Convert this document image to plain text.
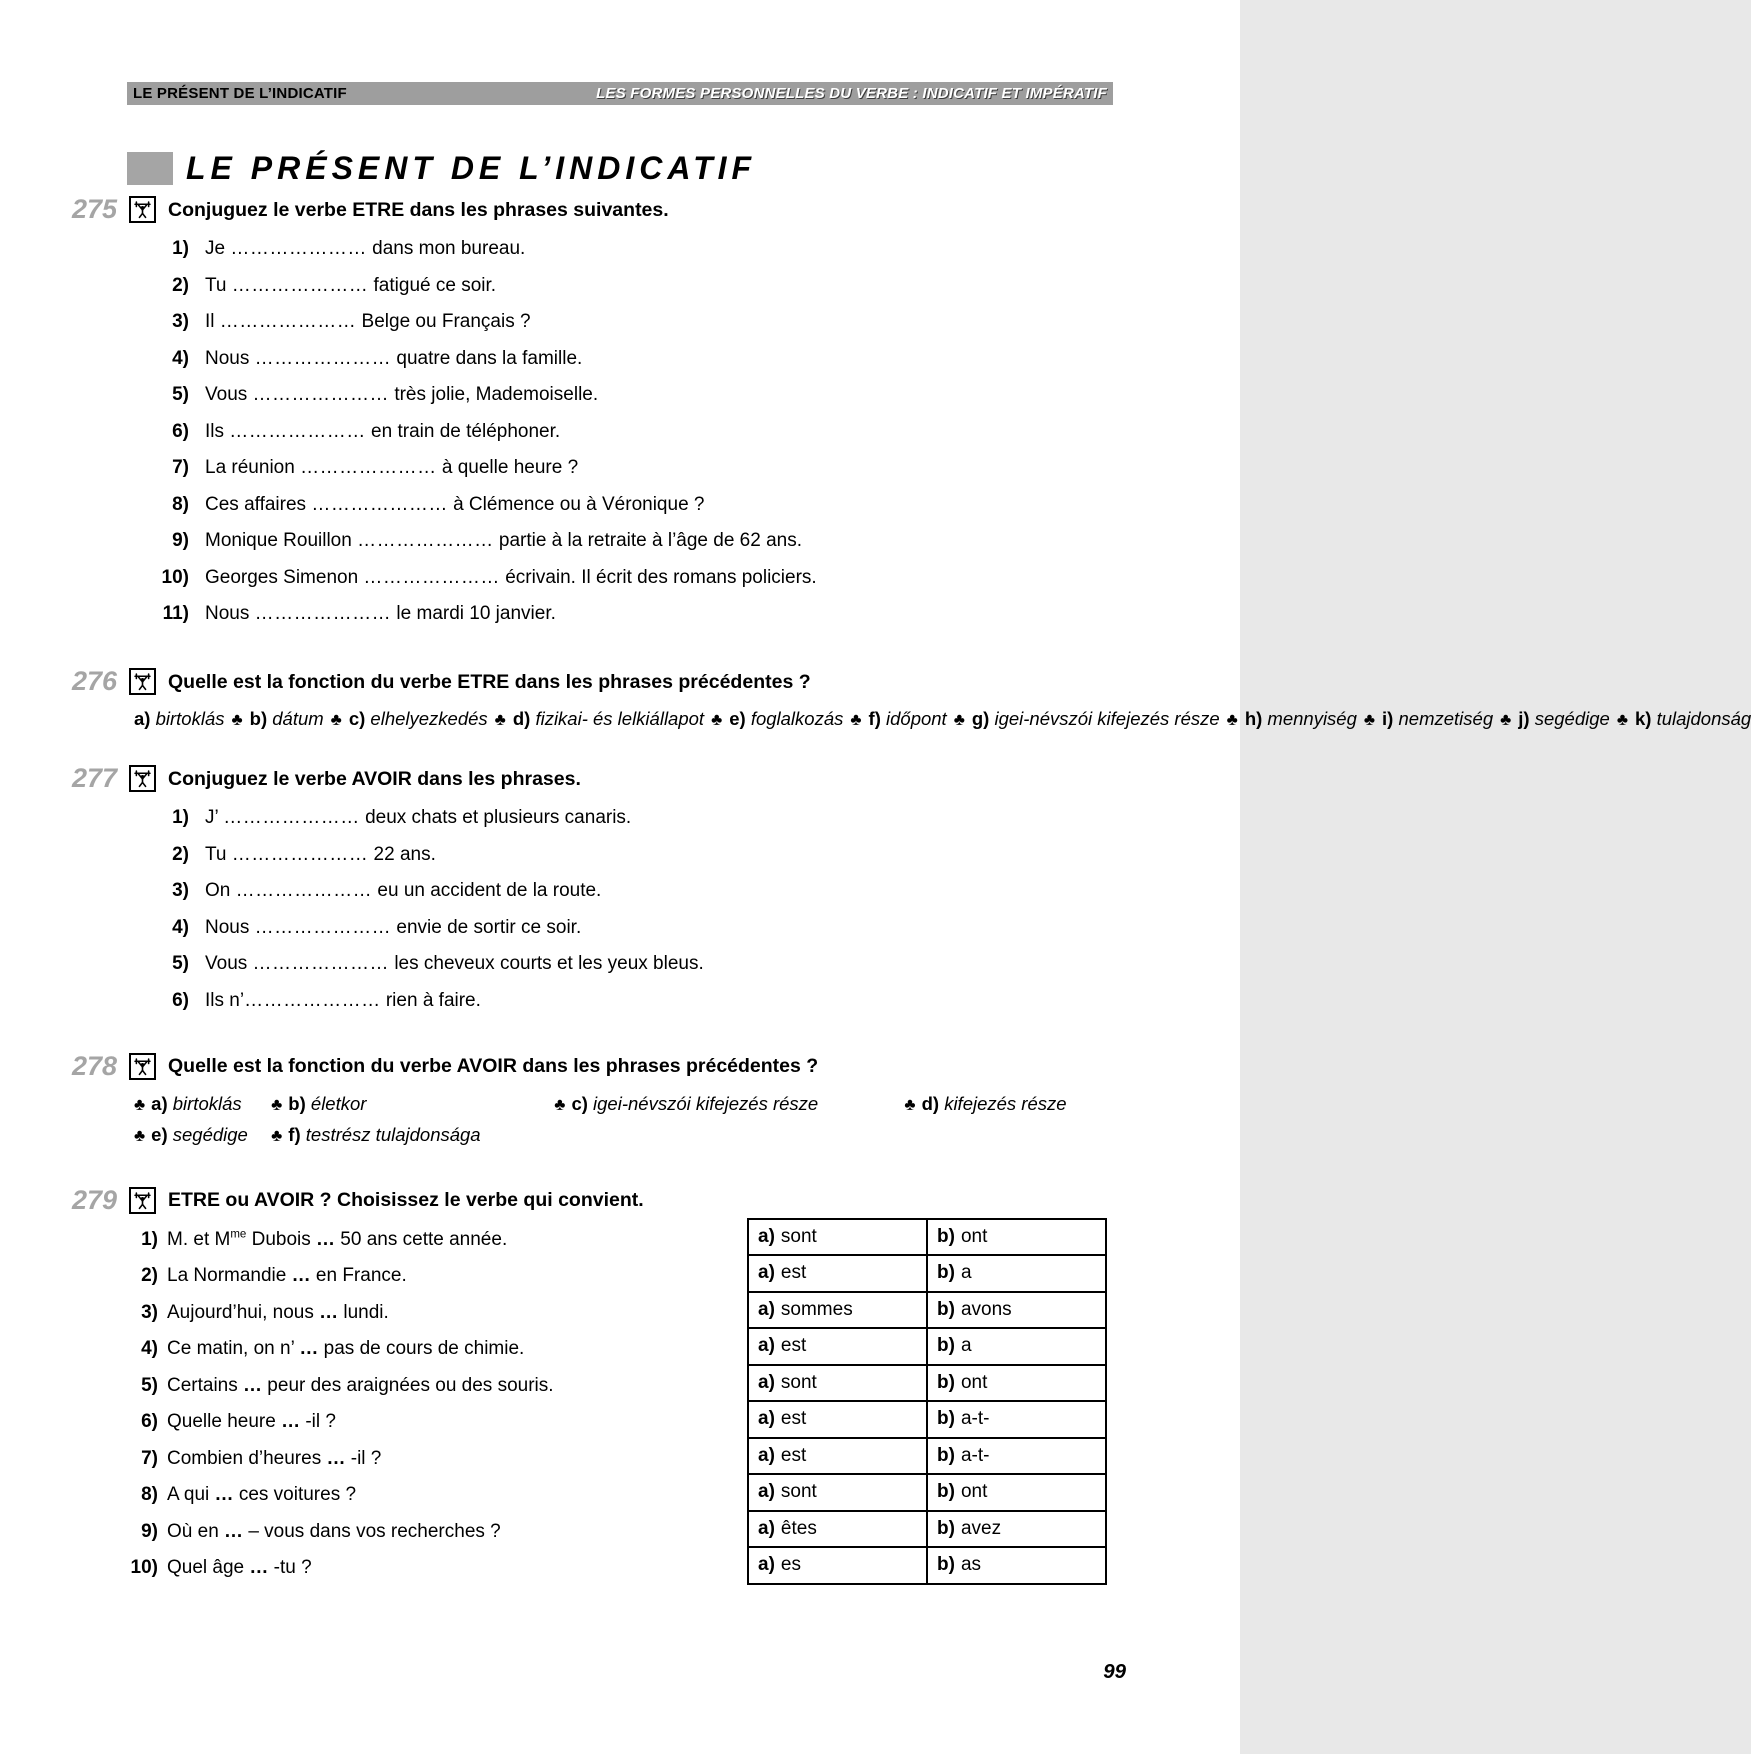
LE PRÉSENT DE L’INDICATIF	LES FORMES PERSONNELLES DU VERBE : INDICATIF ET IMPÉRATIF
LE PRÉSENT DE L’INDICATIF
275	Conjuguez le verbe ETRE dans les phrases suivantes.
1) Je ………………… dans mon bureau.
2) Tu ………………… fatigué ce soir.
3) Il ………………… Belge ou Français ?
4) Nous ………………… quatre dans la famille.
5) Vous ………………… très jolie, Mademoiselle.
6) Ils ………………… en train de téléphoner.
7) La réunion ………………… à quelle heure ?
8) Ces affaires ………………… à Clémence ou à Véronique ?
9) Monique Rouillon ………………… partie à la retraite à l’âge de 62 ans.
10) Georges Simenon ………………… écrivain. Il écrit des romans policiers.
11) Nous ………………… le mardi 10 janvier.
276	Quelle est la fonction du verbe ETRE dans les phrases précédentes ?
a) birtoklás ♣ b) dátum ♣ c) elhelyezkedés ♣ d) fizikai- és lelkiállapot ♣ e) foglalkozás ♣ f) időpont ♣ g) igei-névszói kifejezés része ♣ h) mennyiség ♣ i) nemzetiség ♣ j) segédige ♣ k) tulajdonság
277	Conjuguez le verbe AVOIR dans les phrases.
1) J’ ………………… deux chats et plusieurs canaris.
2) Tu ………………… 22 ans.
3) On ………………… eu un accident de la route.
4) Nous ………………… envie de sortir ce soir.
5) Vous ………………… les cheveux courts et les yeux bleus.
6) Ils n’………………… rien à faire.
278	Quelle est la fonction du verbe AVOIR dans les phrases précédentes ?
♣ a) birtoklás ♣ b) életkor	♣ c) igei-névszói kifejezés része	♣ d) kifejezés része ♣ e) segédige ♣ f) testrész tulajdonsága
279	ETRE ou AVOIR ? Choisissez le verbe qui convient.
1) M. et $M^{me}$ Dubois … 50 ans cette année.
2) La Normandie … en France.
3) Aujourd’hui, nous … lundi.
4) Ce matin, on n’ … pas de cours de chimie.
5) Certains … peur des araignées ou des souris.
6) Quelle heure … -il ?
7) Combien d’heures … -il ?
8) A qui … ces voitures ?
9) Où en … – vous dans vos recherches ?
10) Quel âge … -tu ?
a) sont	b) ont
a) est	b) a
a) sommes	b) avons
a) est	b) a
a) sont	b) ont
a) est	b) a-t-
a) est	b) a-t-
a) sont	b) ont
a) êtes	b) avez
a) es	b) as
99
